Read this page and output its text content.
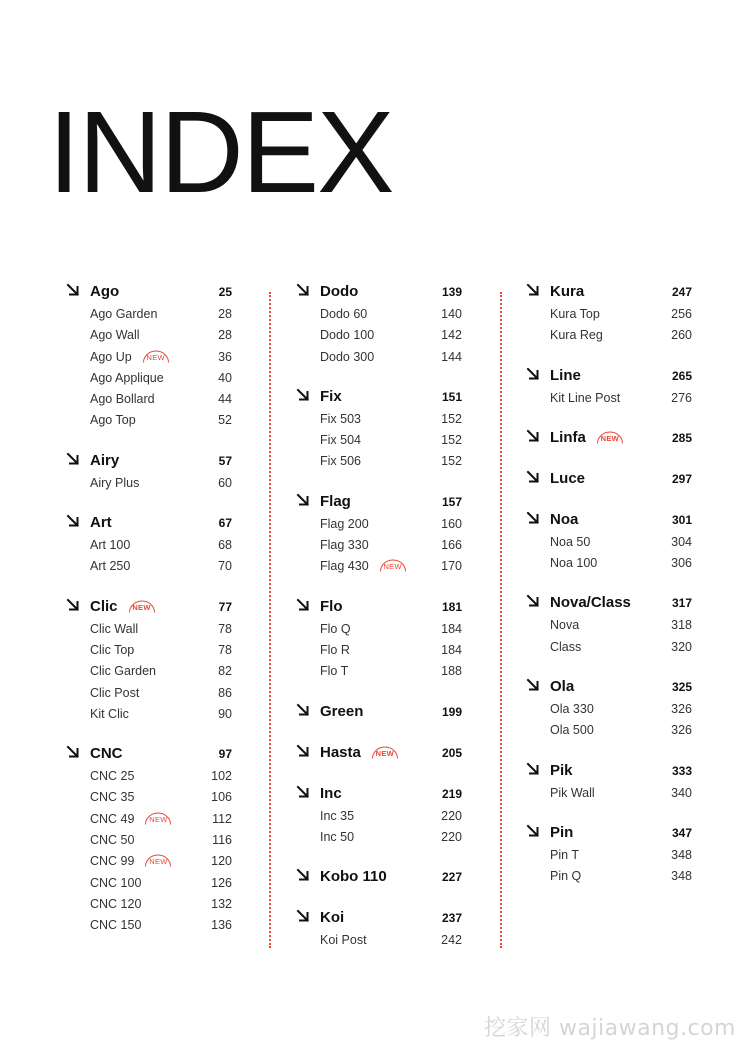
INDEX
Ago	25
Ago Garden	28
Ago Wall	28
Ago Up	NEW	36
Ago Applique	40
Ago Bollard	44
Ago Top	52
Airy	57
Airy Plus	60
Art	67
Art 100	68
Art 250	70
Clic	NEW	77
Clic Wall	78
Clic Top	78
Clic Garden	82
Clic Post	86
Kit Clic	90
CNC	97
CNC 25	102
CNC 35	106
CNC 49	NEW	112
CNC 50	116
CNC 99	NEW	120
CNC 100	126
CNC 120	132
CNC 150	136
Dodo	139
Dodo 60	140
Dodo 100	142
Dodo 300	144
Fix	151
Fix 503	152
Fix 504	152
Fix 506	152
Flag	157
Flag 200	160
Flag 330	166
Flag 430	NEW	170
Flo	181
Flo Q	184
Flo R	184
Flo T	188
Green	199
Hasta	NEW	205
Inc	219
Inc 35	220
Inc 50	220
Kobo 110	227
Koi	237
Koi Post	242
Kura	247
Kura Top	256
Kura Reg	260
Line	265
Kit Line Post	276
Linfa	NEW	285
Luce	297
Noa	301
Noa 50	304
Noa 100	306
Nova/Class	317
Nova	318
Class	320
Ola	325
Ola 330	326
Ola 500	326
Pik	333
Pik Wall	340
Pin	347
Pin T	348
Pin Q	348
挖家网 wajiawang.com
